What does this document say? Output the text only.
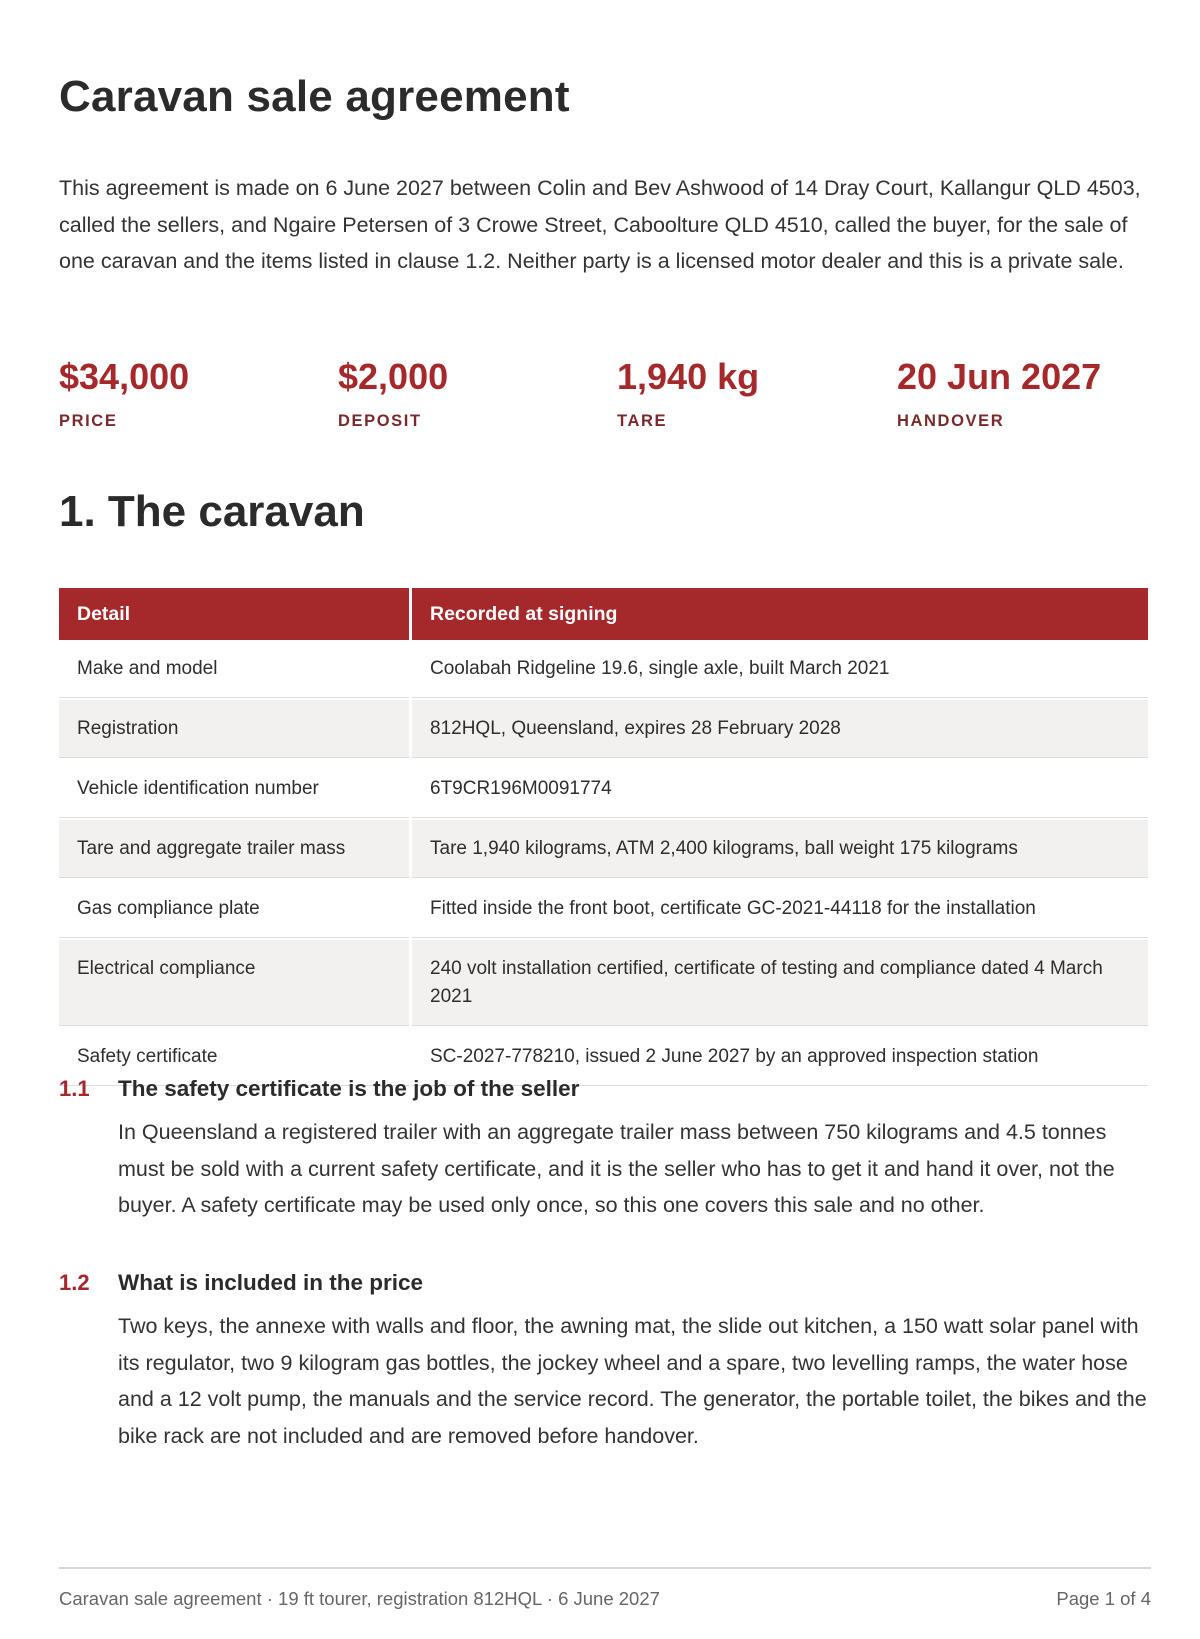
Caravan sale agreement

This agreement is made on 6 June 2027 between Colin and Bev Ashwood of 14 Dray Court, Kallangur QLD 4503, called the sellers, and Ngaire Petersen of 3 Crowe Street, Caboolture QLD 4510, called the buyer, for the sale of one caravan and the items listed in clause 1.2. Neither party is a licensed motor dealer and this is a private sale.

$34,000
PRICE
$2,000
DEPOSIT
1,940 kg
TARE
20 Jun 2027
HANDOVER
1. The caravan
Detail	Recorded at signing
Make and model	Coolabah Ridgeline 19.6, single axle, built March 2021
Registration	812HQL, Queensland, expires 28 February 2028
Vehicle identification number	6T9CR196M0091774
Tare and aggregate trailer mass	Tare 1,940 kilograms, ATM 2,400 kilograms, ball weight 175 kilograms
Gas compliance plate	Fitted inside the front boot, certificate GC-2021-44118 for the installation
Electrical compliance	240 volt installation certified, certificate of testing and compliance dated 4 March 2021
Safety certificate	SC-2027-778210, issued 2 June 2027 by an approved inspection station
1.1 The safety certificate is the job of the seller

In Queensland a registered trailer with an aggregate trailer mass between 750 kilograms and 4.5 tonnes must be sold with a current safety certificate, and it is the seller who has to get it and hand it over, not the buyer. A safety certificate may be used only once, so this one covers this sale and no other.

1.2 What is included in the price

Two keys, the annexe with walls and floor, the awning mat, the slide out kitchen, a 150 watt solar panel with its regulator, two 9 kilogram gas bottles, the jockey wheel and a spare, two levelling ramps, the water hose and a 12 volt pump, the manuals and the service record. The generator, the portable toilet, the bikes and the bike rack are not included and are removed before handover.

Caravan sale agreement · 19 ft tourer, registration 812HQL · 6 June 2027	Page 1 of 4
